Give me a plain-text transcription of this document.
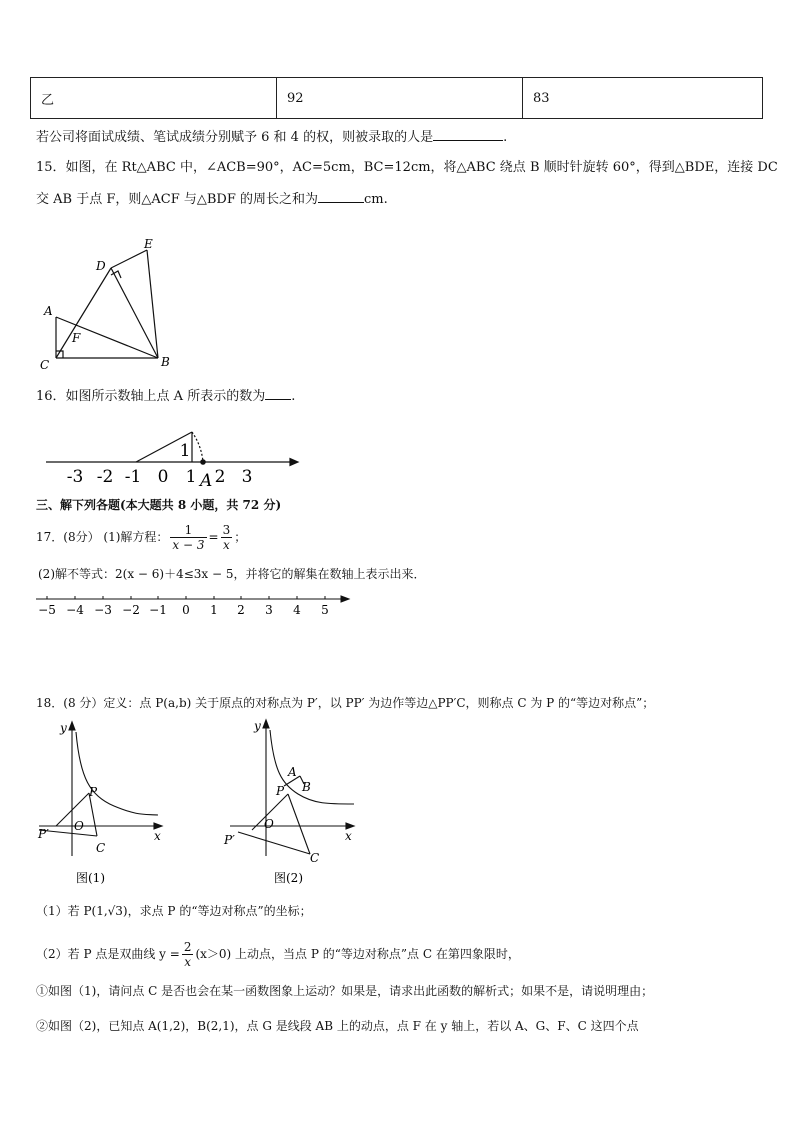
乙	92	83
若公司将面试成绩、笔试成绩分别赋予 6 和 4 的权，则被录取的人是	.
15．如图，在 Rt△ABC 中，∠ACB=90°，AC=5cm，BC=12cm，将△ABC 绕点 B 顺时针旋转 60°，得到△BDE，连接 DC
交 AB 于点 F，则△ACF 与△BDF 的周长之和为	cm.
E
D
A
F
C	B
16．如图所示数轴上点 A 所表示的数为 .
-3 -2 -1 0 1 2 3
1
A
三、解下列各题(本大题共 8 小题，共 72 分)
17．(8分） (1)解方程： $\frac{1}{x - 3} = \frac{3}{x}$ ；
(2)解不等式：2(x − 6)＋4≤3x − 5，并将它的解集在数轴上表示出来．
−5 −4 −3 −2 −1 0 1 2 3 4 5
18．(8 分）定义：点 P(a,b) 关于原点的对称点为 P′，以 PP′ 为边作等边△PP′C，则称点 C 为 P 的“等边对称点”；
y
x
P
O
P′
C
图(1)
y
x
A
B
P
O
P′
C
图(2)
（1）若 P(1,√3)，求点 P 的“等边对称点”的坐标；
（2）若 P 点是双曲线 $y = \frac{2}{x} (x>0)$ 上动点，当点 P 的“等边对称点”点 C 在第四象限时，
①如图（1)，请问点 C 是否也会在某一函数图象上运动？如果是，请求出此函数的解析式；如果不是，请说明理由；
②如图（2)，已知点 A(1,2)，B(2,1)，点 G 是线段 AB 上的动点，点 F 在 y 轴上，若以 A、G、F、C 这四个点
